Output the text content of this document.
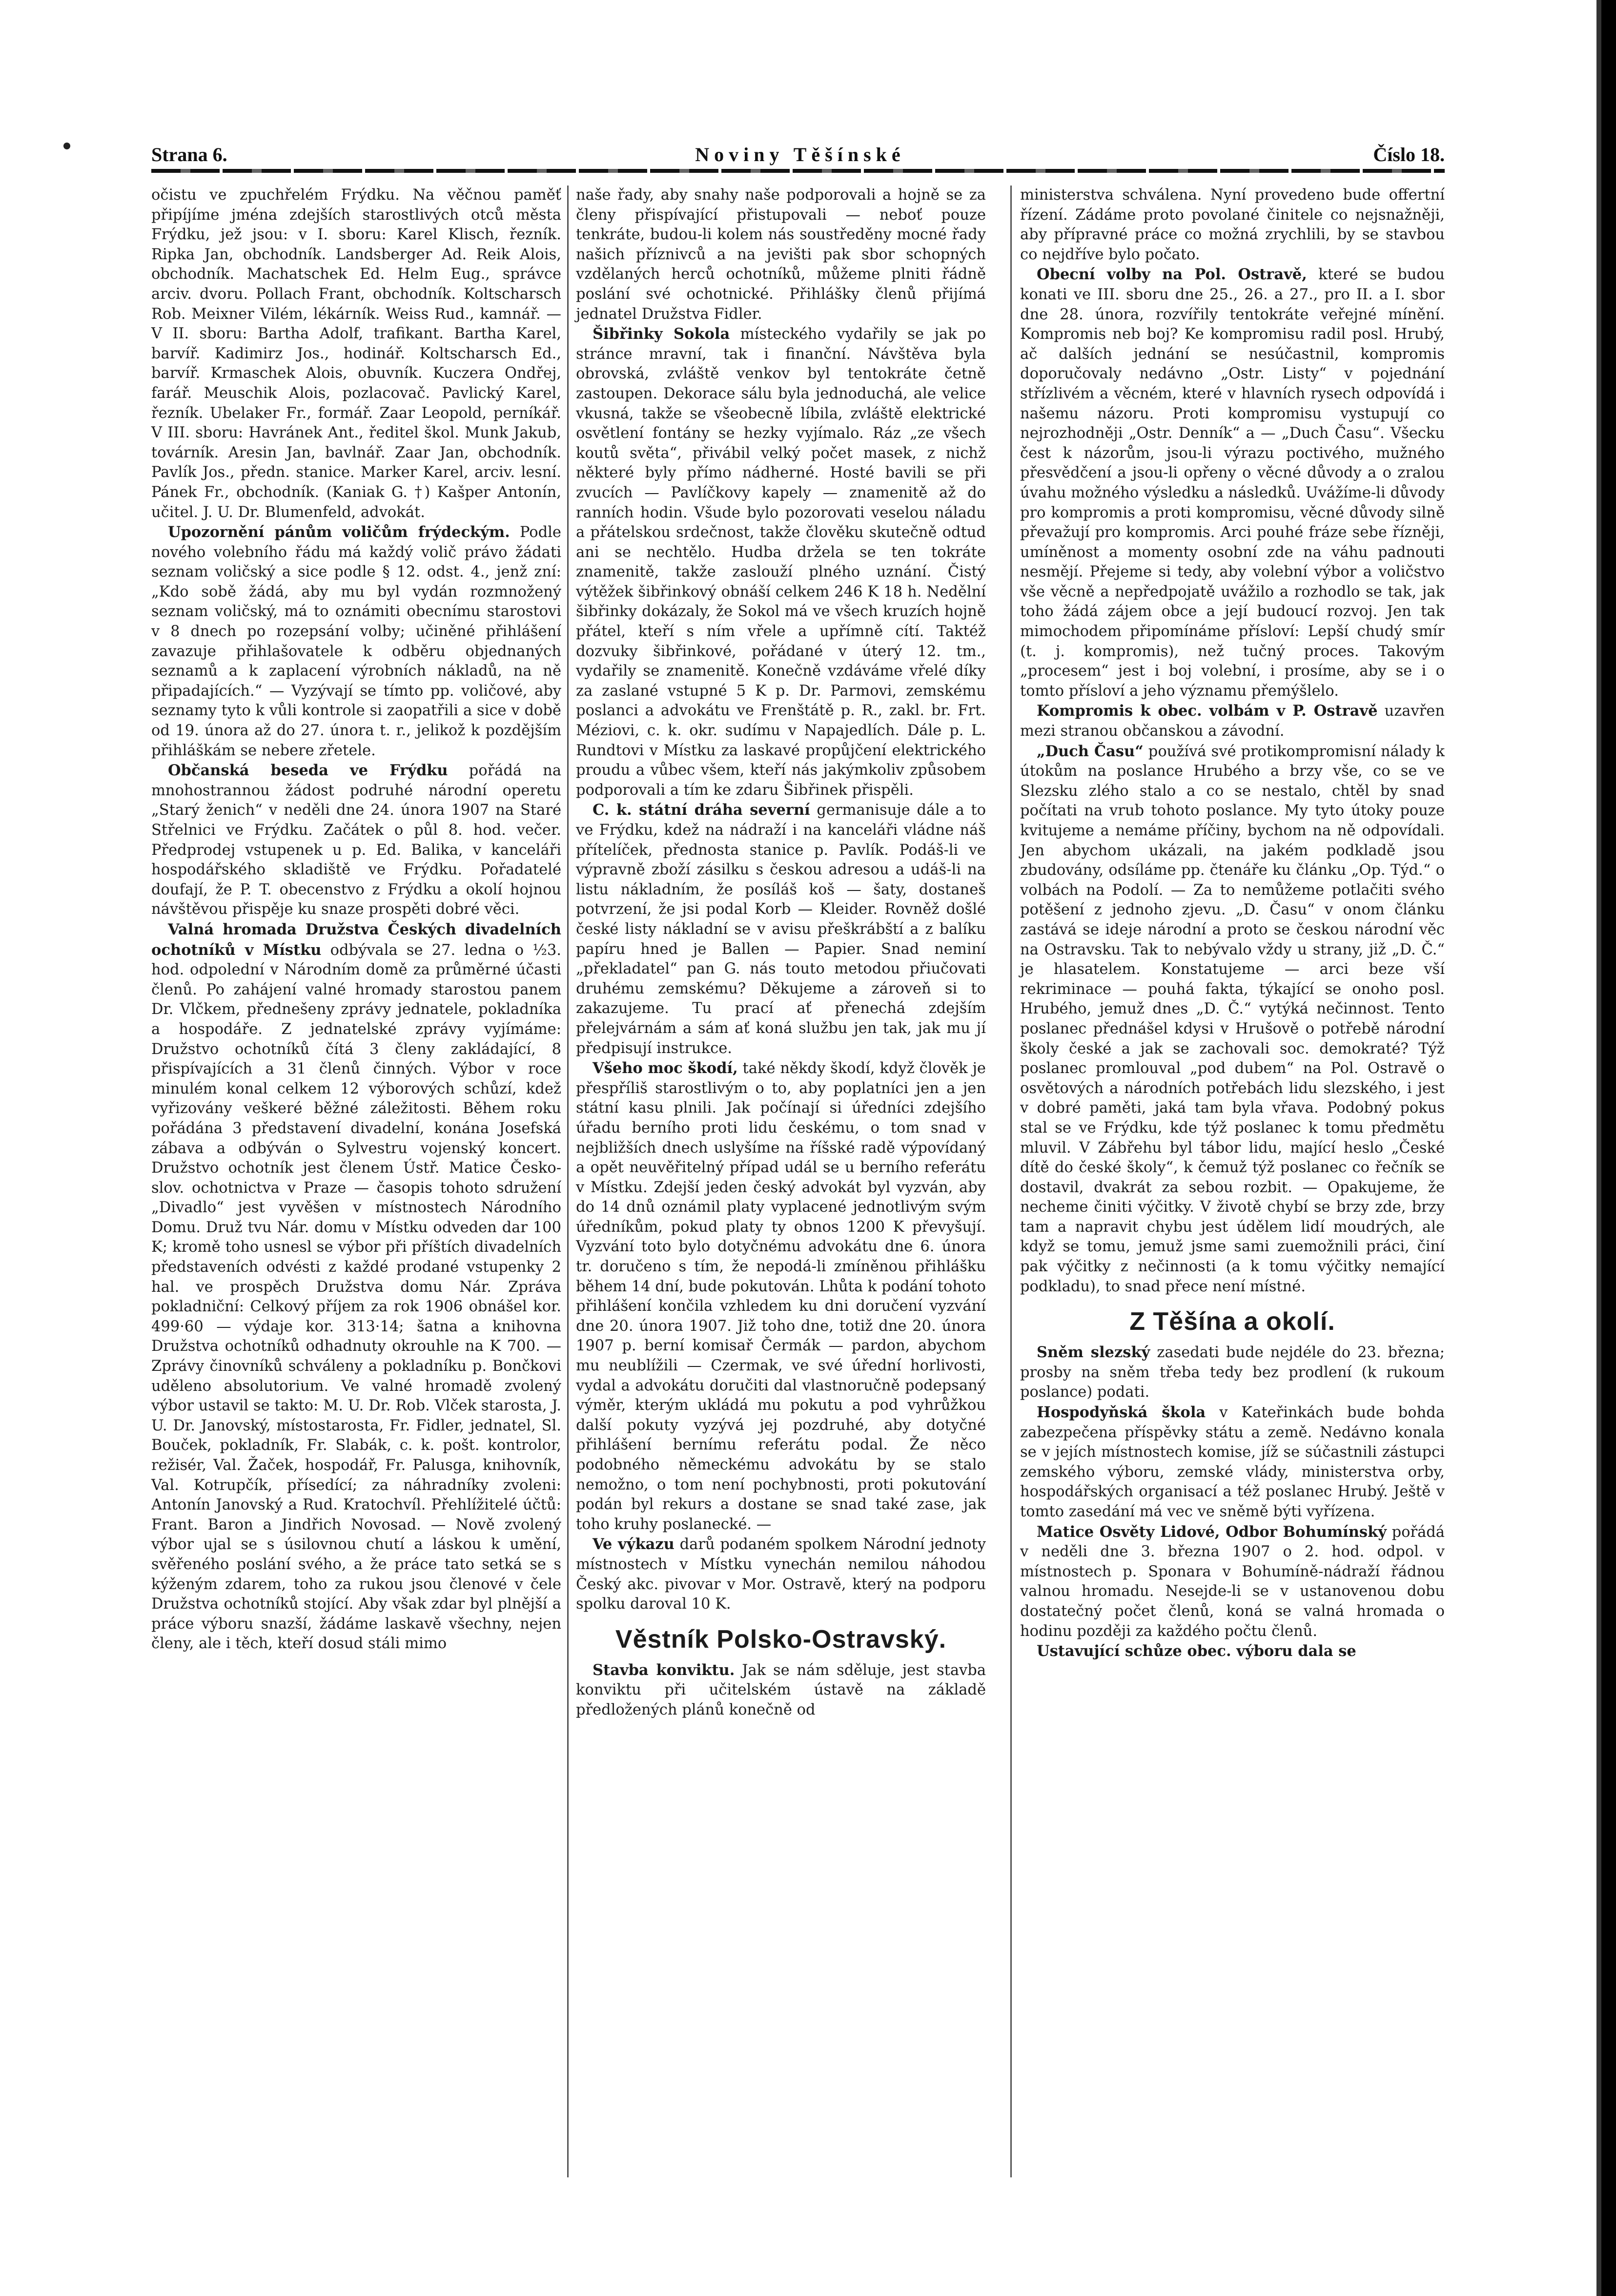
Strana 6.	Noviny Těšínské	Číslo 18.

očistu ve zpuchřelém Frýdku. Na věčnou paměť připíjíme jména zdejších starostlivých otců města Frýdku, jež jsou: v I. sboru: Karel Klisch, řezník. Ripka Jan, obchodník. Landsberger Ad. Reik Alois, obchodník. Machatschek Ed. Helm Eug., správce arciv. dvoru. Pollach Frant, obchodník. Koltscharsch Rob. Meixner Vilém, lékárník. Weiss Rud., kamnář. — V II. sboru: Bartha Adolf, trafikant. Bartha Karel, barvíř. Kadimirz Jos., hodinář. Koltscharsch Ed., barvíř. Krmaschek Alois, obuvník. Kuczera Ondřej, farář. Meuschik Alois, pozlacovač. Pavlický Karel, řezník. Ubelaker Fr., formář. Zaar Leopold, perníkář. V III. sboru: Havránek Ant., ředitel škol. Munk Jakub, továrník. Aresin Jan, bavlnář. Zaar Jan, obchodník. Pavlík Jos., předn. stanice. Marker Karel, arciv. lesní. Pánek Fr., obchodník. (Kaniak G. †) Kašper Antonín, učitel. J. U. Dr. Blumenfeld, advokát.

Upozornění pánům voličům frýdeckým. Podle nového volebního řádu má každý volič právo žádati seznam voličský a sice podle § 12. odst. 4., jenž zní: „Kdo sobě žádá, aby mu byl vydán rozmnožený seznam voličský, má to oznámiti obecnímu starostovi v 8 dnech po rozepsání volby; učiněné přihlášení zavazuje přihlašovatele k odběru objednaných seznamů a k zaplacení výrobních nákladů, na ně připadajících.“ — Vyzývají se tímto pp. voličové, aby seznamy tyto k vůli kontrole si zaopatřili a sice v době od 19. února až do 27. února t. r., jelikož k pozdějším přihláškám se nebere zřetele.

Občanská beseda ve Frýdku pořádá na mnohostrannou žádost podruhé národní operetu „Starý ženich“ v neděli dne 24. února 1907 na Staré Střelnici ve Frýdku. Začátek o půl 8. hod. večer. Předprodej vstupenek u p. Ed. Balika, v kanceláři hospodářského skladiště ve Frýdku. Pořadatelé doufají, že P. T. obecenstvo z Frýdku a okolí hojnou návštěvou přispěje ku snaze prospěti dobré věci.

Valná hromada Družstva Českých divadelních ochotníků v Místku odbývala se 27. ledna o ½3. hod. odpolední v Národním domě za průměrné účasti členů. Po zahájení valné hromady starostou panem Dr. Vlčkem, přednešeny zprávy jednatele, pokladníka a hospodáře. Z jednatelské zprávy vyjímáme: Družstvo ochotníků čítá 3 členy zakládající, 8 přispívajících a 31 členů činných. Výbor v roce minulém konal celkem 12 výborových schůzí, kdež vyřizovány veškeré běžné záležitosti. Během roku pořádána 3 představení divadelní, konána Josefská zábava a odbýván o Sylvestru vojenský koncert. Družstvo ochotník jest členem Ústř. Matice Česko-slov. ochotnictva v Praze — časopis tohoto sdružení „Divadlo“ jest vyvěšen v místnostech Národního Domu. Druž tvu Nár. domu v Místku odveden dar 100 K; kromě toho usnesl se výbor při příštích divadelních představeních odvésti z každé prodané vstupenky 2 hal. ve prospěch Družstva domu Nár. Zpráva pokladniční: Celkový příjem za rok 1906 obnášel kor. 499·60 — výdaje kor. 313·14; šatna a knihovna Družstva ochotníků odhadnuty okrouhle na K 700. — Zprávy činovníků schváleny a pokladníku p. Bončkovi uděleno absolutorium. Ve valné hromadě zvolený výbor ustavil se takto: M. U. Dr. Rob. Vlček starosta, J. U. Dr. Janovský, místostarosta, Fr. Fidler, jednatel, Sl. Bouček, pokladník, Fr. Slabák, c. k. pošt. kontrolor, režisér, Val. Žaček, hospodář, Fr. Palusga, knihovník, Val. Kotrupčík, přísedící; za náhradníky zvoleni: Antonín Janovský a Rud. Kratochvíl. Přehlížitelé účtů: Frant. Baron a Jindřich Novosad. — Nově zvolený výbor ujal se s úsilovnou chutí a láskou k umění, svěřeného poslání svého, a že práce tato setká se s kýženým zdarem, toho za rukou jsou členové v čele Družstva ochotníků stojící. Aby však zdar byl plnější a práce výboru snazší, žádáme laskavě všechny, nejen členy, ale i těch, kteří dosud stáli mimo

naše řady, aby snahy naše podporovali a hojně se za členy přispívající přistupovali — neboť pouze tenkráte, budou-li kolem nás soustředěny mocné řady našich příznivců a na jevišti pak sbor schopných vzdělaných herců ochotníků, můžeme plniti řádně poslání své ochotnické. Přihlášky členů přijímá jednatel Družstva Fidler.

Šibřinky Sokola místeckého vydařily se jak po stránce mravní, tak i finanční. Návštěva byla obrovská, zvláště venkov byl tentokráte četně zastoupen. Dekorace sálu byla jednoduchá, ale velice vkusná, takže se všeobecně líbila, zvláště elektrické osvětlení fontány se hezky vyjímalo. Ráz „ze všech koutů světa“, přivábil velký počet masek, z nichž některé byly přímo nádherné. Hosté bavili se při zvucích — Pavlíčkovy kapely — znamenitě až do ranních hodin. Všude bylo pozorovati veselou náladu a přátelskou srdečnost, takže člověku skutečně odtud ani se nechtělo. Hudba držela se ten tokráte znamenitě, takže zaslouží plného uznání. Čistý výtěžek šibřinkový obnáší celkem 246 K 18 h. Nedělní šibřinky dokázaly, že Sokol má ve všech kruzích hojně přátel, kteří s ním vřele a upřímně cítí. Taktéž dozvuky šibřinkové, pořádané v úterý 12. tm., vydařily se znamenitě. Konečně vzdáváme vřelé díky za zaslané vstupné 5 K p. Dr. Parmovi, zemskému poslanci a advokátu ve Frenštátě p. R., zakl. br. Frt. Méziovi, c. k. okr. sudímu v Napajedlích. Dále p. L. Rundtovi v Místku za laskavé propůjčení elektrického proudu a vůbec všem, kteří nás jakýmkoliv způsobem podporovali a tím ke zdaru Šibřinek přispěli.

C. k. státní dráha severní germanisuje dále a to ve Frýdku, kdež na nádraží i na kanceláři vládne náš přítelíček, přednosta stanice p. Pavlík. Podáš-li ve výpravně zboží zásilku s českou adresou a udáš-li na listu nákladním, že posíláš koš — šaty, dostaneš potvrzení, že jsi podal Korb — Kleider. Rovněž došlé české listy nákladní se v avisu přeškrábští a z balíku papíru hned je Ballen — Papier. Snad neminí „překladatel“ pan G. nás touto metodou přiučovati druhému zemskému? Děkujeme a zároveň si to zakazujeme. Tu prací ať přenechá zdejším přelejvárnám a sám ať koná službu jen tak, jak mu jí předpisují instrukce.

Všeho moc škodí, také někdy škodí, když člověk je přespříliš starostlivým o to, aby poplatníci jen a jen státní kasu plnili. Jak počínají si úředníci zdejšího úřadu berního proti lidu českému, o tom snad v nejbližších dnech uslyšíme na říšské radě výpovídaný a opět neuvěřitelný případ udál se u berního referátu v Místku. Zdejší jeden český advokát byl vyzván, aby do 14 dnů oznámil platy vyplacené jednotlivým svým úředníkům, pokud platy ty obnos 1200 K převyšují. Vyzvání toto bylo dotyčnému advokátu dne 6. února tr. doručeno s tím, že nepodá-li zmíněnou přihlášku během 14 dní, bude pokutován. Lhůta k podání tohoto přihlášení končila vzhledem ku dni doručení vyzvání dne 20. února 1907. Již toho dne, totiž dne 20. února 1907 p. berní komisař Čermák — pardon, abychom mu neublížili — Czermak, ve své úřední horlivosti, vydal a advokátu doručiti dal vlastnoručně podepsaný výměr, kterým ukládá mu pokutu a pod vyhrůžkou další pokuty vyzývá jej pozdruhé, aby dotyčné přihlášení bernímu referátu podal. Že něco podobného německému advokátu by se stalo nemožno, o tom není pochybnosti, proti pokutování podán byl rekurs a dostane se snad také zase, jak toho kruhy poslanecké. —

Ve výkazu darů podaném spolkem Národní jednoty místnostech v Místku vynechán nemilou náhodou Český akc. pivovar v Mor. Ostravě, který na podporu spolku daroval 10 K.

Věstník Polsko-Ostravský.

Stavba konviktu. Jak se nám sděluje, jest stavba konviktu při učitelském ústavě na základě předložených plánů konečně od

ministerstva schválena. Nyní provedeno bude offertní řízení. Zádáme proto povolané činitele co nejsnažněji, aby přípravné práce co možná zrychlili, by se stavbou co nejdříve bylo počato.

Obecní volby na Pol. Ostravě, které se budou konati ve III. sboru dne 25., 26. a 27., pro II. a I. sbor dne 28. února, rozvířily tentokráte veřejné mínění. Kompromis neb boj? Ke kompromisu radil posl. Hrubý, ač dalších jednání se nesúčastnil, kompromis doporučovaly nedávno „Ostr. Listy“ v pojednání střízlivém a věcném, které v hlavních rysech odpovídá i našemu názoru. Proti kompromisu vystupují co nejrozhodněji „Ostr. Denník“ a — „Duch Času“. Všecku čest k názorům, jsou-li výrazu poctivého, mužného přesvědčení a jsou-li opřeny o věcné důvody a o zralou úvahu možného výsledku a následků. Uvážíme-li důvody pro kompromis a proti kompromisu, věcné důvody silně převažují pro kompromis. Arci pouhé fráze sebe řízněji, umíněnost a momenty osobní zde na váhu padnouti nesmějí. Přejeme si tedy, aby volební výbor a voličstvo vše věcně a nepředpojatě uvážilo a rozhodlo se tak, jak toho žádá zájem obce a její budoucí rozvoj. Jen tak mimochodem připomínáme přísloví: Lepší chudý smír (t. j. kompromis), než tučný proces. Takovým „procesem“ jest i boj volební, i prosíme, aby se i o tomto přísloví a jeho významu přemýšlelo.

Kompromis k obec. volbám v P. Ostravě uzavřen mezi stranou občanskou a závodní.

„Duch Času“ používá své protikompromisní nálady k útokům na poslance Hrubého a brzy vše, co se ve Slezsku zlého stalo a co se nestalo, chtěl by snad počítati na vrub tohoto poslance. My tyto útoky pouze kvitujeme a nemáme příčiny, bychom na ně odpovídali. Jen abychom ukázali, na jakém podkladě jsou zbudovány, odsíláme pp. čtenáře ku článku „Op. Týd.“ o volbách na Podolí. — Za to nemůžeme potlačiti svého potěšení z jednoho zjevu. „D. Času“ v onom článku zastává se ideje národní a proto se českou národní věc na Ostravsku. Tak to nebývalo vždy u strany, již „D. Č.“ je hlasatelem. Konstatujeme — arci beze vší rekriminace — pouhá fakta, týkající se onoho posl. Hrubého, jemuž dnes „D. Č.“ vytýká nečinnost. Tento poslanec přednášel kdysi v Hrušově o potřebě národní školy české a jak se zachovali soc. demokraté? Týž poslanec promlouval „pod dubem“ na Pol. Ostravě o osvětových a národních potřebách lidu slezského, i jest v dobré paměti, jaká tam byla vřava. Podobný pokus stal se ve Frýdku, kde týž poslanec k tomu předmětu mluvil. V Zábřehu byl tábor lidu, mající heslo „České dítě do české školy“, k čemuž týž poslanec co řečník se dostavil, dvakrát za sebou rozbit. — Opakujeme, že necheme činiti výčitky. V životě chybí se brzy zde, brzy tam a napravit chybu jest údělem lidí moudrých, ale když se tomu, jemuž jsme sami zuemožnili práci, činí pak výčitky z nečinnosti (a k tomu výčitky nemající podkladu), to snad přece není místné.

Z Těšína a okolí.

Sněm slezský zasedati bude nejdéle do 23. března; prosby na sněm třeba tedy bez prodlení (k rukoum poslance) podati.

Hospodyňská škola v Kateřinkách bude bohda zabezpečena příspěvky státu a země. Nedávno konala se v jejích místnostech komise, jíž se súčastnili zástupci zemského výboru, zemské vlády, ministerstva orby, hospodářských organisací a též poslanec Hrubý. Ještě v tomto zasedání má vec ve sněmě býti vyřízena.

Matice Osvěty Lidové, Odbor Bohumínský pořádá v neděli dne 3. března 1907 o 2. hod. odpol. v místnostech p. Sponara v Bohumíně-nádraží řádnou valnou hromadu. Nesejde-li se v ustanovenou dobu dostatečný počet členů, koná se valná hromada o hodinu později za každého počtu členů.

Ustavující schůze obec. výboru dala se
